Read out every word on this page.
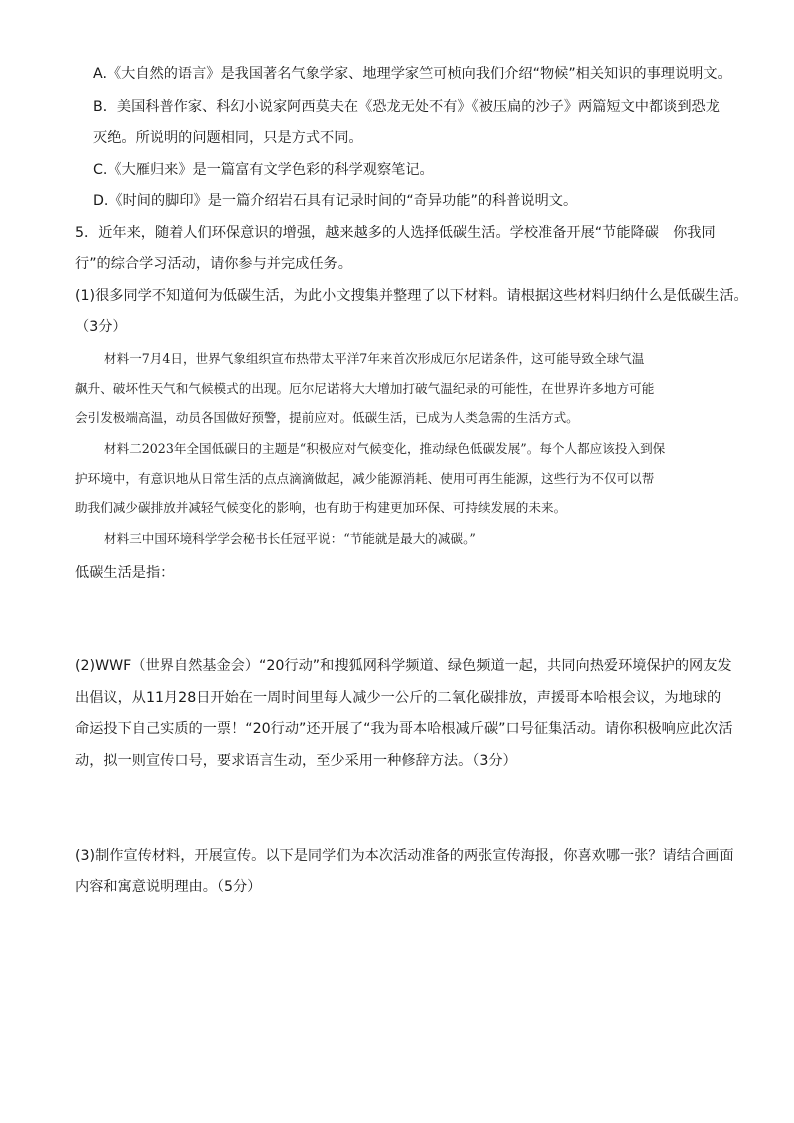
A.《大自然的语言》是我国著名气象学家、地理学家竺可桢向我们介绍“物候”相关知识的事理说明文。
B．美国科普作家、科幻小说家阿西莫夫在《恐龙无处不有》《被压扁的沙子》两篇短文中都谈到恐龙
灭绝。所说明的问题相同，只是方式不同。
C.《大雁归来》是一篇富有文学色彩的科学观察笔记。
D.《时间的脚印》是一篇介绍岩石具有记录时间的“奇异功能”的科普说明文。
5．近年来，随着人们环保意识的增强，越来越多的人选择低碳生活。学校准备开展“节能降碳　你我同
行”的综合学习活动，请你参与并完成任务。
(1)很多同学不知道何为低碳生活，为此小文搜集并整理了以下材料。请根据这些材料归纳什么是低碳生活。
（3分）
材料一7月4日，世界气象组织宣布热带太平洋7年来首次形成厄尔尼诺条件，这可能导致全球气温
飙升、破坏性天气和气候模式的出现。厄尔尼诺将大大增加打破气温纪录的可能性，在世界许多地方可能
会引发极端高温，动员各国做好预警，提前应对。低碳生活，已成为人类急需的生活方式。
材料二2023年全国低碳日的主题是“积极应对气候变化，推动绿色低碳发展”。每个人都应该投入到保
护环境中，有意识地从日常生活的点点滴滴做起，减少能源消耗、使用可再生能源，这些行为不仅可以帮
助我们减少碳排放并减轻气候变化的影响，也有助于构建更加环保、可持续发展的未来。
材料三中国环境科学学会秘书长任冠平说：“节能就是最大的减碳。”
低碳生活是指：
(2)WWF（世界自然基金会）“20行动”和搜狐网科学频道、绿色频道一起，共同向热爱环境保护的网友发
出倡议，从11月28日开始在一周时间里每人减少一公斤的二氧化碳排放，声援哥本哈根会议，为地球的
命运投下自己实质的一票！“20行动”还开展了“我为哥本哈根减斤碳”口号征集活动。请你积极响应此次活
动，拟一则宣传口号，要求语言生动，至少采用一种修辞方法。（3分）
(3)制作宣传材料，开展宣传。以下是同学们为本次活动准备的两张宣传海报，你喜欢哪一张？请结合画面
内容和寓意说明理由。（5分）
